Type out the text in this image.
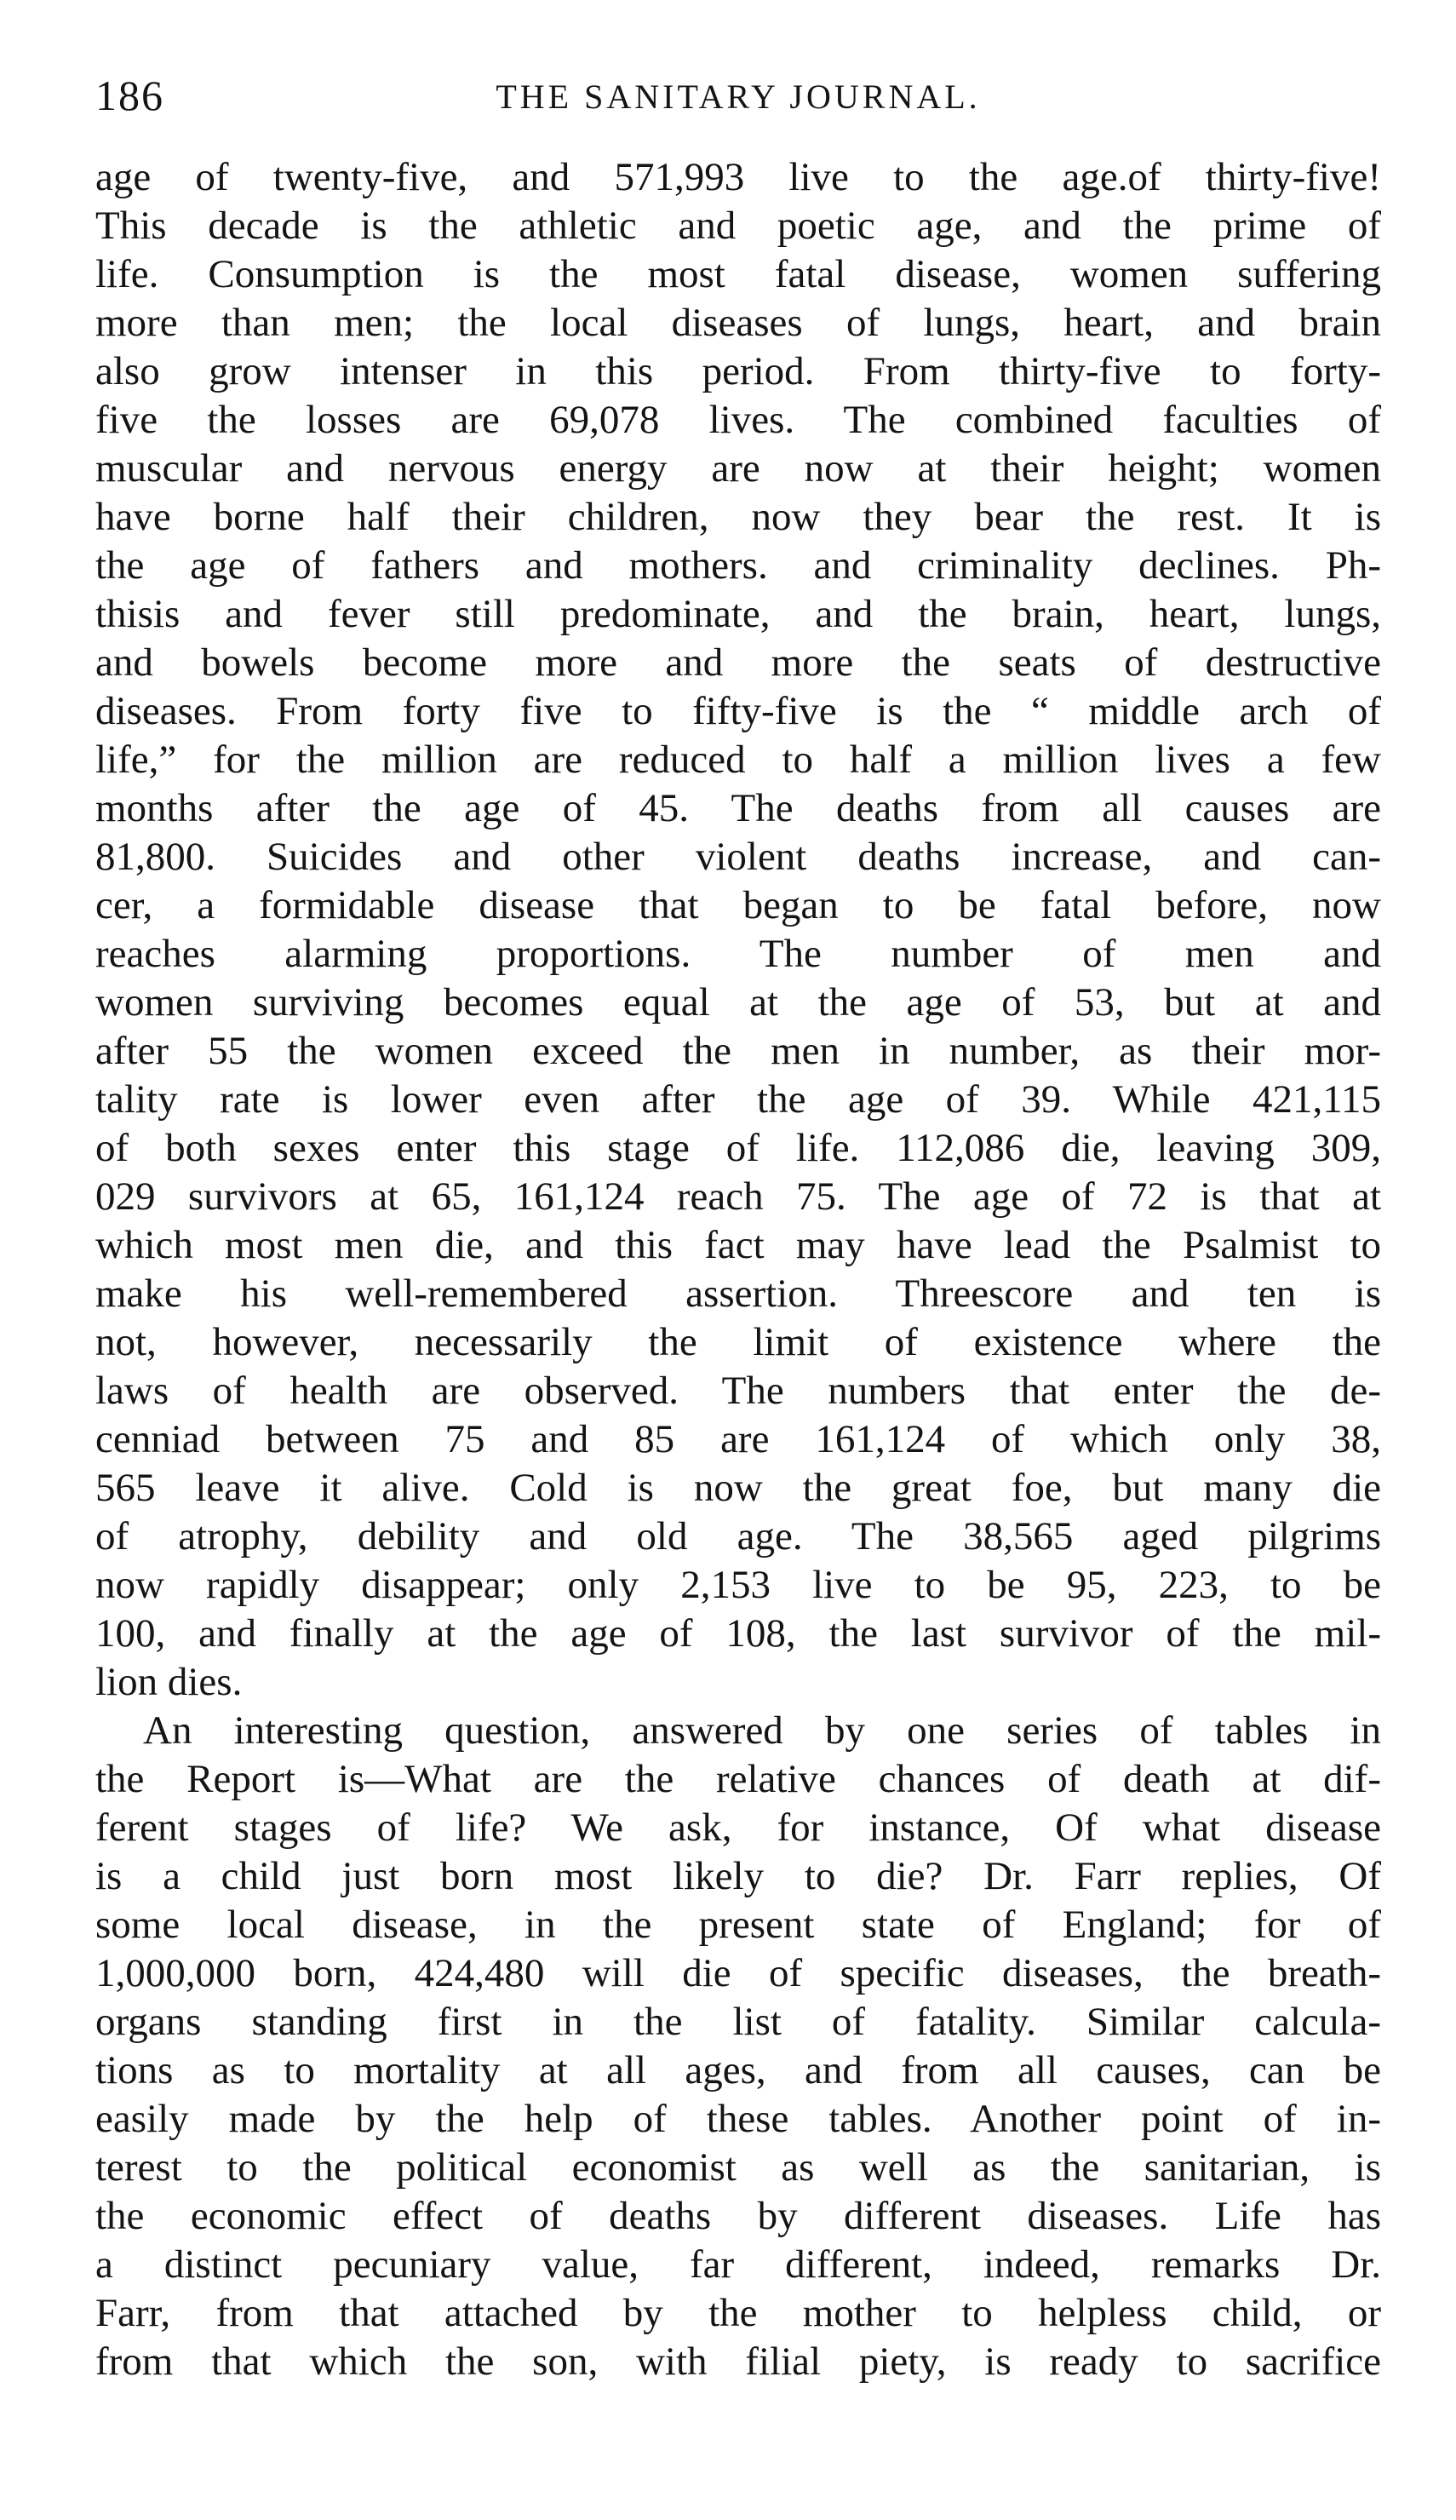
186	THE SANITARY JOURNAL.
age of twenty-five, and 571,993 live to the age.of thirty-five!
This decade is the athletic and poetic age, and the prime of
life. Consumption is the most fatal disease, women suffering
more than men; the local diseases of lungs, heart, and brain
also grow intenser in this period. From thirty-five to forty-
five the losses are 69,078 lives. The combined faculties of
muscular and nervous energy are now at their height; women
have borne half their children, now they bear the rest. It is
the age of fathers and mothers. and criminality declines. Ph-
thisis and fever still predominate, and the brain, heart, lungs,
and bowels become more and more the seats of destructive
diseases. From forty five to fifty-five is the “ middle arch of
life,” for the million are reduced to half a million lives a few
months after the age of 45. The deaths from all causes are
81,800. Suicides and other violent deaths increase, and can-
cer, a formidable disease that began to be fatal before, now
reaches alarming proportions. The number of men and
women surviving becomes equal at the age of 53, but at and
after 55 the women exceed the men in number, as their mor-
tality rate is lower even after the age of 39. While 421,115
of both sexes enter this stage of life. 112,086 die, leaving 309,
029 survivors at 65, 161,124 reach 75. The age of 72 is that at
which most men die, and this fact may have lead the Psalmist to
make his well-remembered assertion. Threescore and ten is
not, however, necessarily the limit of existence where the
laws of health are observed. The numbers that enter the de-
cenniad between 75 and 85 are 161,124 of which only 38,
565 leave it alive. Cold is now the great foe, but many die
of atrophy, debility and old age. The 38,565 aged pilgrims
now rapidly disappear; only 2,153 live to be 95, 223, to be
100, and finally at the age of 108, the last survivor of the mil-
lion dies.
An interesting question, answered by one series of tables in
the Report is—What are the relative chances of death at dif-
ferent stages of life? We ask, for instance, Of what disease
is a child just born most likely to die? Dr. Farr replies, Of
some local disease, in the present state of England; for of
1,000,000 born, 424,480 will die of specific diseases, the breath-
organs standing first in the list of fatality. Similar calcula-
tions as to mortality at all ages, and from all causes, can be
easily made by the help of these tables. Another point of in-
terest to the political economist as well as the sanitarian, is
the economic effect of deaths by different diseases. Life has
a distinct pecuniary value, far different, indeed, remarks Dr.
Farr, from that attached by the mother to helpless child, or
from that which the son, with filial piety, is ready to sacrifice
